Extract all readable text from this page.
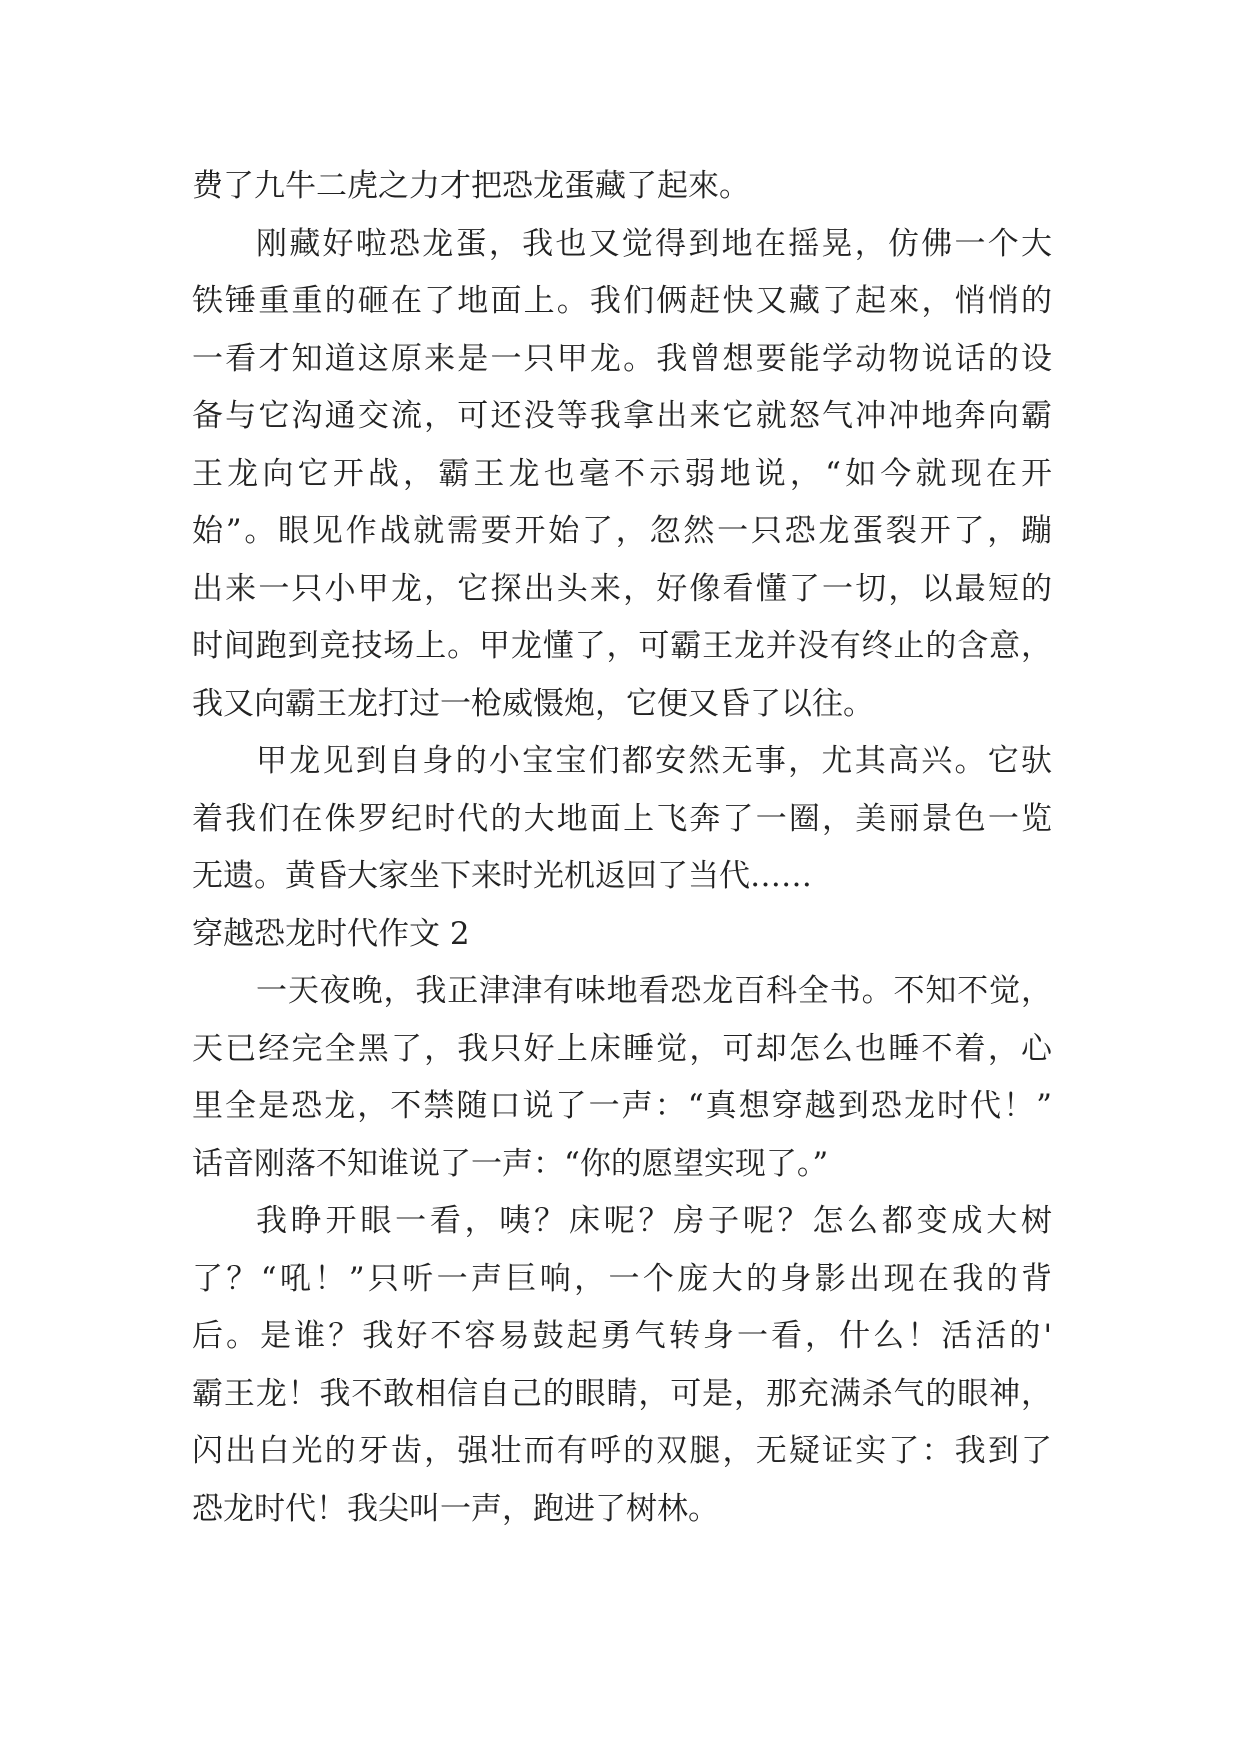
费了九牛二虎之力才把恐龙蛋藏了起來。
刚藏好啦恐龙蛋，我也又觉得到地在摇晃，仿佛一个大
铁锤重重的砸在了地面上。我们俩赶快又藏了起來，悄悄的
一看才知道这原来是一只甲龙。我曾想要能学动物说话的设
备与它沟通交流，可还没等我拿出来它就怒气冲冲地奔向霸
王龙向它开战，霸王龙也毫不示弱地说，“如今就现在开
始”。眼见作战就需要开始了，忽然一只恐龙蛋裂开了，蹦
出来一只小甲龙，它探出头来，好像看懂了一切，以最短的
时间跑到竞技场上。甲龙懂了，可霸王龙并没有终止的含意，
我又向霸王龙打过一枪威慑炮，它便又昏了以往。
甲龙见到自身的小宝宝们都安然无事，尤其高兴。它驮
着我们在侏罗纪时代的大地面上飞奔了一圈，美丽景色一览
无遗。黄昏大家坐下来时光机返回了当代……
穿越恐龙时代作文 2
一天夜晚，我正津津有味地看恐龙百科全书。不知不觉，
天已经完全黑了，我只好上床睡觉，可却怎么也睡不着，心
里全是恐龙，不禁随口说了一声：“真想穿越到恐龙时代！”
话音刚落不知谁说了一声：“你的愿望实现了。”
我睁开眼一看，咦？床呢？房子呢？怎么都变成大树
了？“吼！”只听一声巨响，一个庞大的身影出现在我的背
后。是谁？我好不容易鼓起勇气转身一看，什么！活活的'
霸王龙！我不敢相信自己的眼睛，可是，那充满杀气的眼神，
闪出白光的牙齿，强壮而有呼的双腿，无疑证实了：我到了
恐龙时代！我尖叫一声，跑进了树林。
